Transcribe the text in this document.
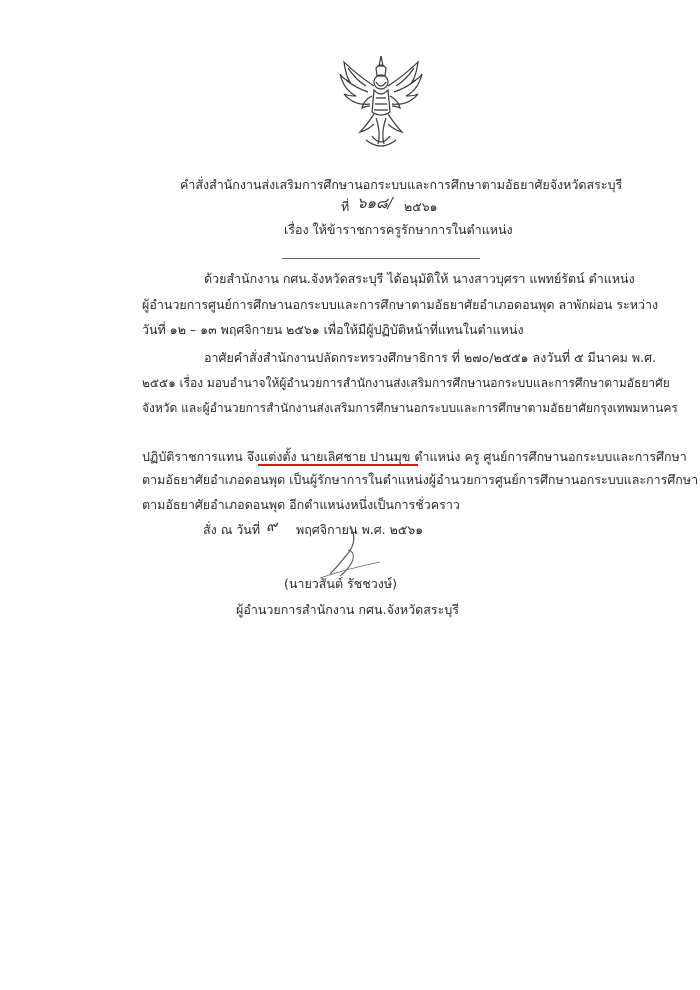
คำสั่งสำนักงานส่งเสริมการศึกษานอกระบบและการศึกษาตามอัธยาศัยจังหวัดสระบุรี
ที่ ๖๑๘/ ๒๕๖๑
เรื่อง ให้ข้าราชการครูรักษาการในตำแหน่ง
ด้วยสำนักงาน กศน.จังหวัดสระบุรี ได้อนุมัติให้ นางสาวบุศรา แพทย์รัตน์ ตำแหน่ง
ผู้อำนวยการศูนย์การศึกษานอกระบบและการศึกษาตามอัธยาศัยอำเภอดอนพุด ลาพักผ่อน ระหว่าง
วันที่ ๑๒ – ๑๓ พฤศจิกายน ๒๕๖๑ เพื่อให้มีผู้ปฏิบัติหน้าที่แทนในตำแหน่ง
อาศัยคำสั่งสำนักงานปลัดกระทรวงศึกษาธิการ ที่ ๒๗๐/๒๕๕๑ ลงวันที่ ๕ มีนาคม พ.ศ.
๒๕๕๑ เรื่อง มอบอำนาจให้ผู้อำนวยการสำนักงานส่งเสริมการศึกษานอกระบบและการศึกษาตามอัธยาศัย
จังหวัด และผู้อำนวยการสำนักงานส่งเสริมการศึกษานอกระบบและการศึกษาตามอัธยาศัยกรุงเทพมหานคร
ปฏิบัติราชการแทน จึงแต่งตั้ง นายเลิศชาย ปานมุข ตำแหน่ง ครู ศูนย์การศึกษานอกระบบและการศึกษา
ตามอัธยาศัยอำเภอดอนพุด เป็นผู้รักษาการในตำแหน่งผู้อำนวยการศูนย์การศึกษานอกระบบและการศึกษา
ตามอัธยาศัยอำเภอดอนพุด อีกตำแหน่งหนึ่งเป็นการชั่วคราว
สั่ง ณ วันที่ ๙ พฤศจิกายน พ.ศ. ๒๕๖๑
(นายวสันต์ รัชชวงษ์)
ผู้อำนวยการสำนักงาน กศน.จังหวัดสระบุรี
